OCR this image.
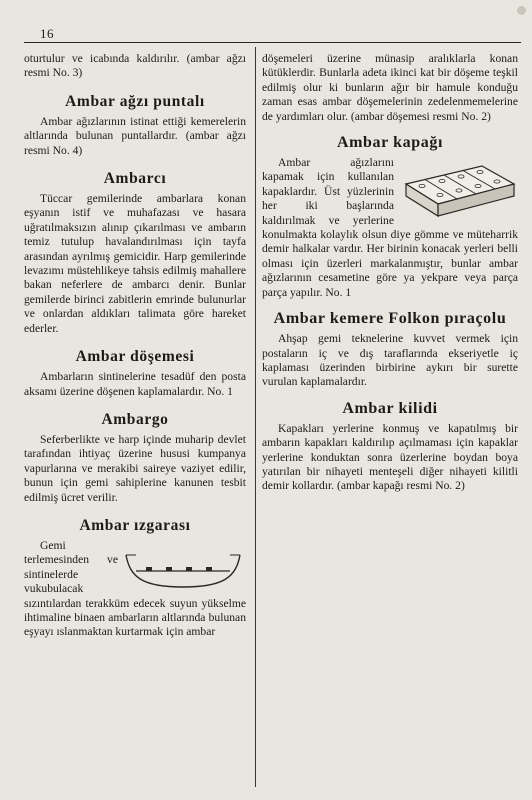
16

oturtulur ve icabında kaldırılır. (ambar ağzı resmi No. 3)

Ambar ağzı puntalı

Ambar ağızlarının istinat ettiği kemerelerin altlarında bulunan puntallardır. (ambar ağzı resmi No. 4)

Ambarcı

Tüccar gemilerinde ambarlara konan eşyanın istif ve muhafazası ve hasara uğratılmaksızın alınıp çıkarılması ve ambarın temiz tutulup havalandırılması için tayfa arasından ayrılmış gemicidir. Harp gemilerinde levazımı müstehlikeye tahsis edilmiş mahallere bakan neferlere de ambarcı denir. Bunlar gemilerde birinci zabitlerin emrinde bulunurlar ve onlardan aldıkları talimata göre hareket ederler.

Ambar döşemesi

Ambarların sintinelerine tesadüf den posta aksamı üzerine döşenen kaplamalardır. No. 1

Ambargo

Seferberlikte ve harp içinde muharip devlet tarafından ihtiyaç üzerine hususi kumpanya vapurlarına ve merakibi saireye vaziyet edilir, bunun için gemi sahiplerine kanunen tesbit edilmiş ücret verilir.

Ambar ızgarası

Gemi terlemesinden ve sintinelerde vukubulacak sızıntılardan terakküm edecek suyun yükselme ihtimaline binaen ambarların altlarında bulunan eşyayı ıslanmaktan kurtarmak için ambar

döşemeleri üzerine münasip aralıklarla konan kütüklerdir. Bunlarla adeta ikinci kat bir döşeme teşkil edilmiş olur ki bunların ağır bir hamule konduğu zaman esas ambar döşemelerinin zedelenmemelerine de yardımları olur. (ambar döşemesi resmi No. 2)

Ambar kapağı

Ambar ağızlarını kapamak için kullanılan kapaklardır. Üst yüzlerinin her iki başlarında kaldırılmak ve yerlerine konulmakta kolaylık olsun diye gömme ve müteharrik demir halkalar vardır. Her birinin konacak yerleri belli olması için üzerleri markalanmıştır, bunlar ambar ağızlarının cesametine göre ya yekpare veya parça parça yapılır. No. 1

Ambar kemere Folkon pıraçolu

Ahşap gemi teknelerine kuvvet vermek için postaların iç ve dış taraflarında ekseriyetle iç kaplaması üzerinden birbirine aykırı bir surette vurulan kaplamalardır.

Ambar kilidi

Kapakları yerlerine konmuş ve kapatılmış bir ambarın kapakları kaldırılıp açılmaması için kapaklar yerlerine konduktan sonra üzerlerine boydan boya yatırılan bir nihayeti menteşeli diğer nihayeti kilitli demir kollardır. (ambar kapağı resmi No. 2)
